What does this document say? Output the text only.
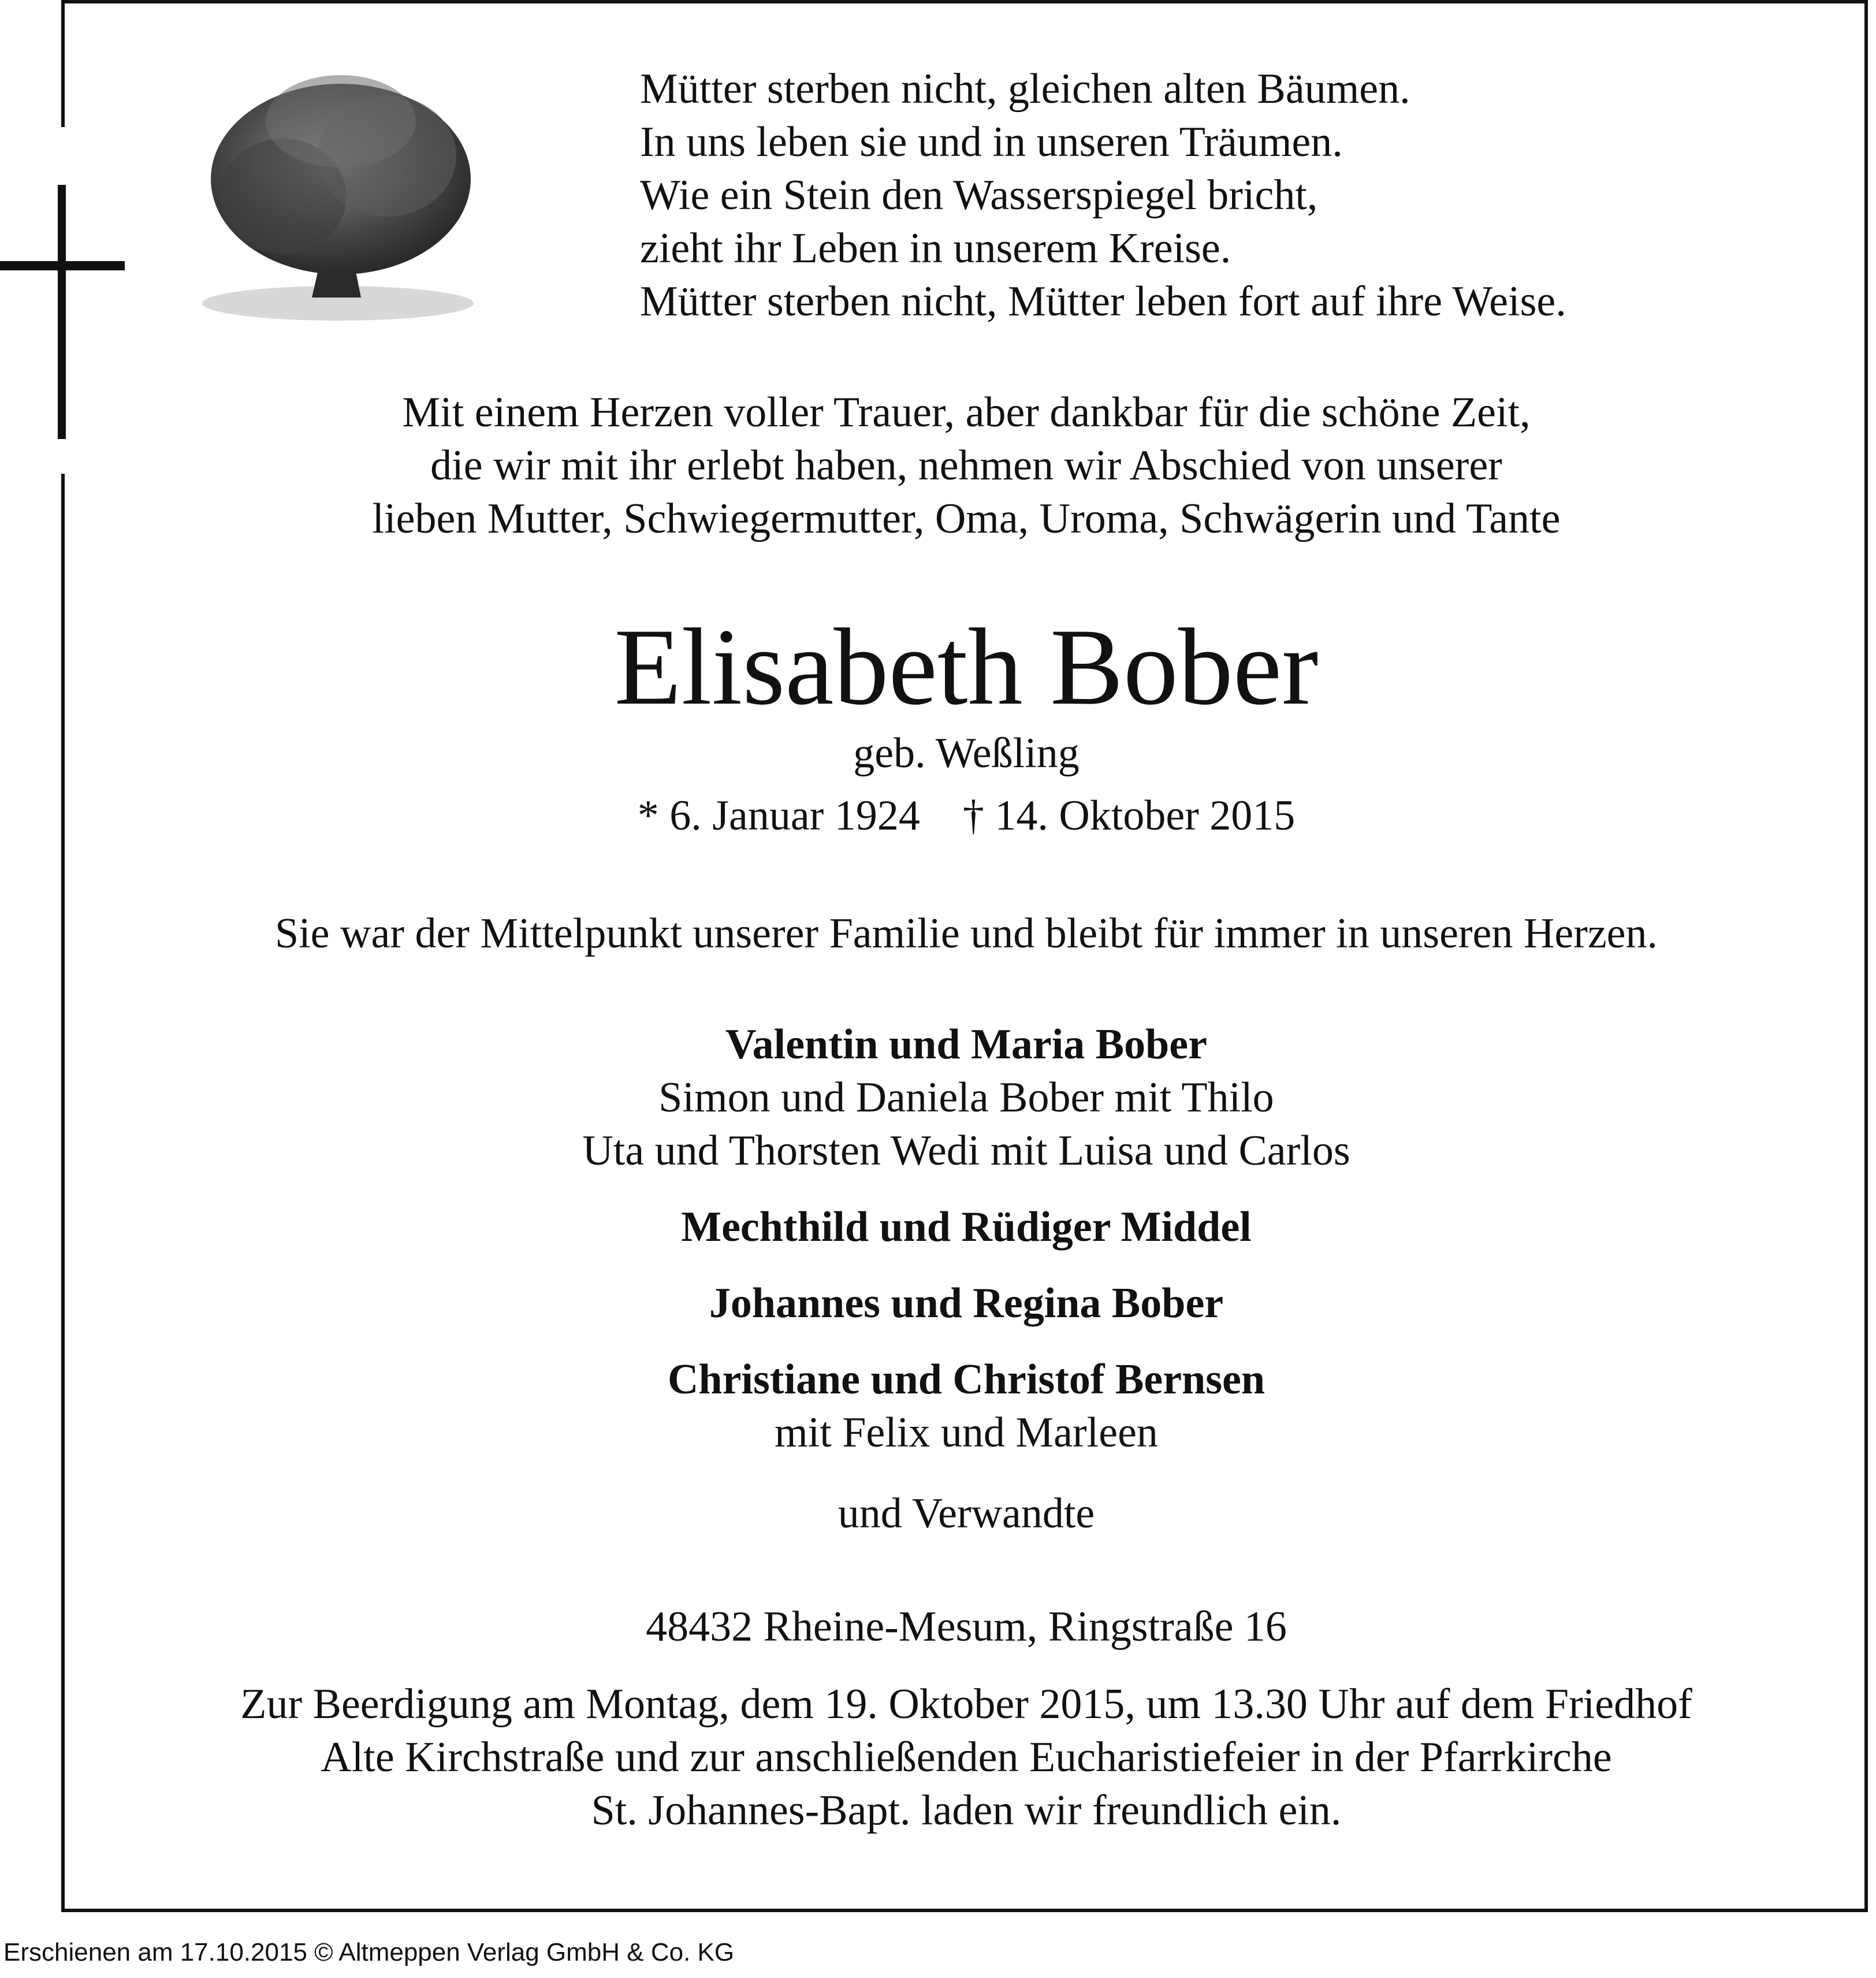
Mütter sterben nicht, gleichen alten Bäumen.
In uns leben sie und in unseren Träumen.
Wie ein Stein den Wasserspiegel bricht,
zieht ihr Leben in unserem Kreise.
Mütter sterben nicht, Mütter leben fort auf ihre Weise.
Mit einem Herzen voller Trauer, aber dankbar für die schöne Zeit,
die wir mit ihr erlebt haben, nehmen wir Abschied von unserer
lieben Mutter, Schwiegermutter, Oma, Uroma, Schwägerin und Tante
Elisabeth Bober
geb. Weßling
* 6. Januar 1924    † 14. Oktober 2015
Sie war der Mittelpunkt unserer Familie und bleibt für immer in unseren Herzen.
Valentin und Maria Bober
Simon und Daniela Bober mit Thilo
Uta und Thorsten Wedi mit Luisa und Carlos
Mechthild und Rüdiger Middel
Johannes und Regina Bober
Christiane und Christof Bernsen
mit Felix und Marleen
und Verwandte
48432 Rheine-Mesum, Ringstraße 16
Zur Beerdigung am Montag, dem 19. Oktober 2015, um 13.30 Uhr auf dem Friedhof
Alte Kirchstraße und zur anschließenden Eucharistiefeier in der Pfarrkirche
St. Johannes-Bapt. laden wir freundlich ein.
Erschienen am 17.10.2015 © Altmeppen Verlag GmbH & Co. KG
